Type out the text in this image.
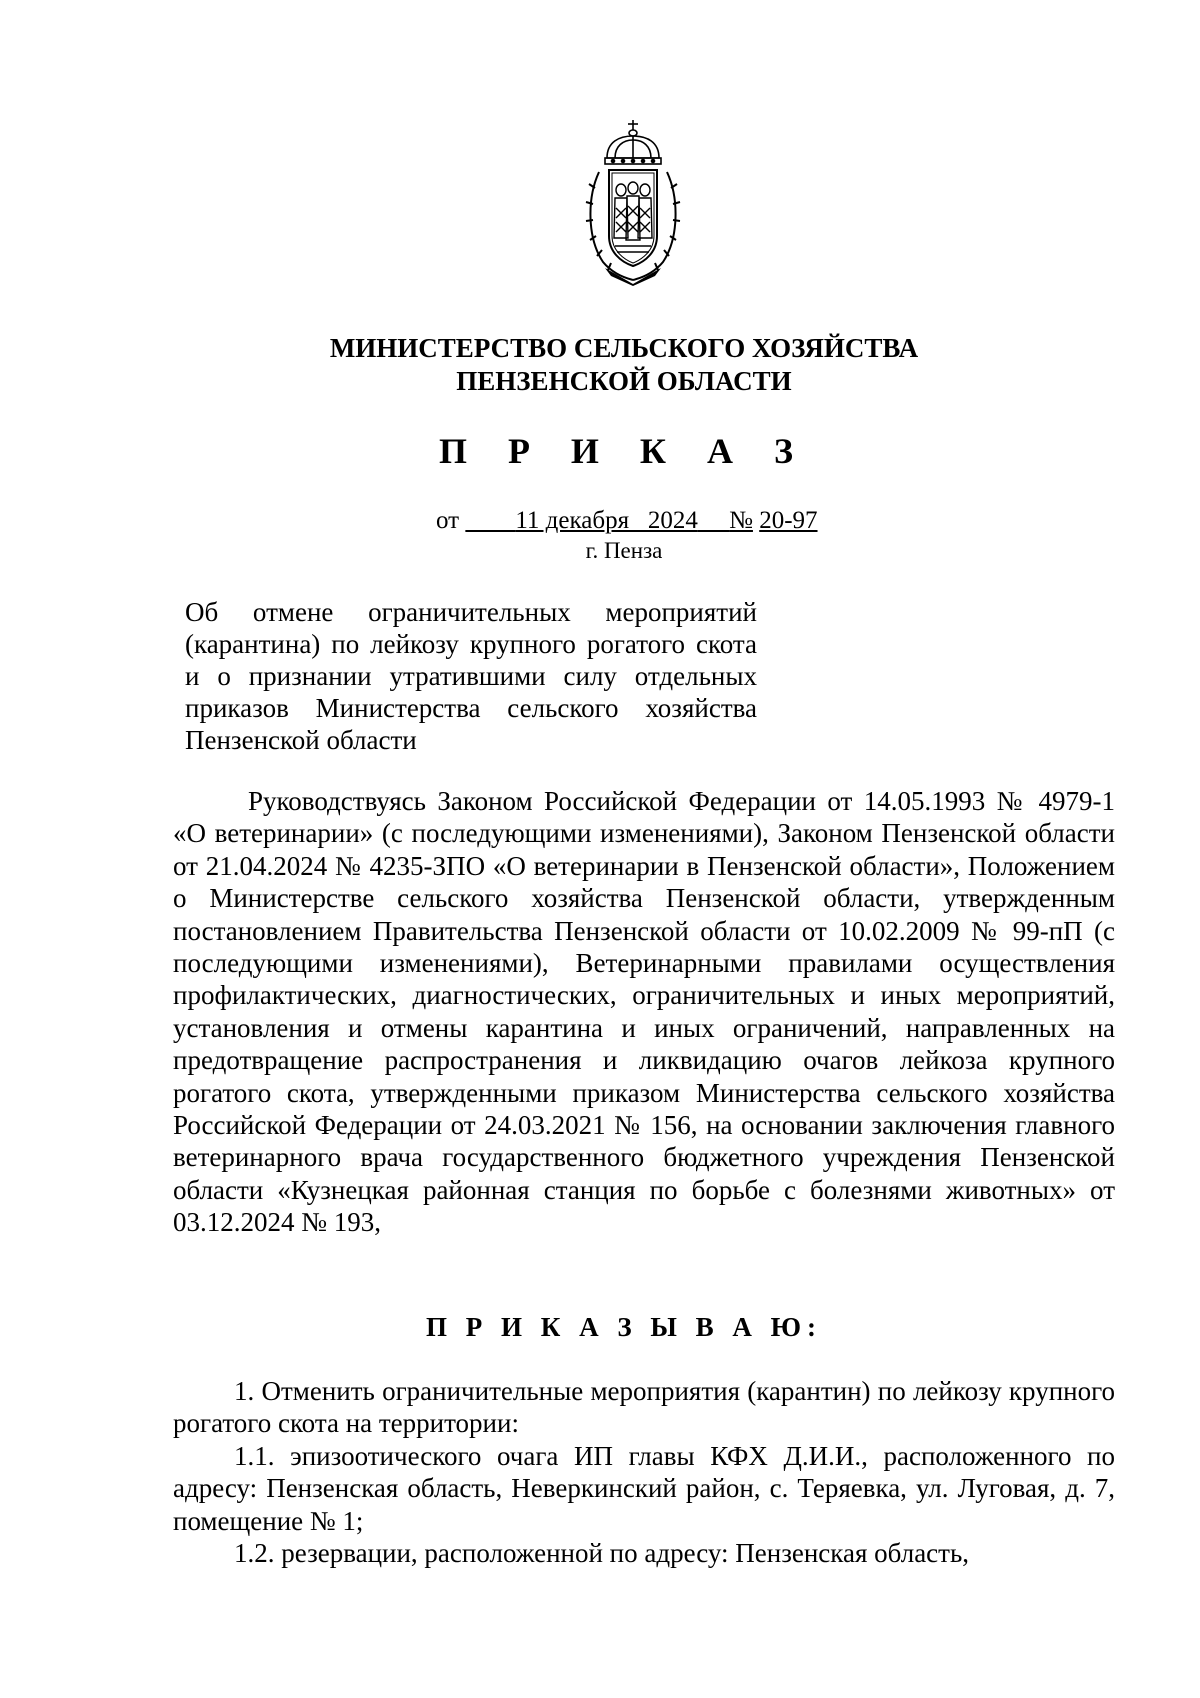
МИНИСТЕРСТВО СЕЛЬСКОГО ХОЗЯЙСТВА
ПЕНЗЕНСКОЙ ОБЛАСТИ
П Р И К А З
от 11 декабря   2024 № 20-97
г. Пенза
Об отмене ограничительных мероприятий (карантина) по лейкозу крупного рогатого скота и о признании утратившими силу отдельных приказов Министерства сельского хозяйства Пензенской области

Руководствуясь Законом Российской Федерации от 14.05.1993 № 4979-1 «О ветеринарии» (с последующими изменениями), Законом Пензенской области от 21.04.2024 № 4235-ЗПО «О ветеринарии в Пензенской области», Положением о Министерстве сельского хозяйства Пензенской области, утвержденным постановлением Правительства Пензенской области от 10.02.2009 № 99-пП (с последующими изменениями), Ветеринарными правилами осуществления профилактических, диагностических, ограничительных и иных мероприятий, установления и отмены карантина и иных ограничений, направленных на предотвращение распространения и ликвидацию очагов лейкоза крупного рогатого скота, утвержденными приказом Министерства сельского хозяйства Российской Федерации от 24.03.2021 № 156, на основании заключения главного ветеринарного врача государственного бюджетного учреждения Пензенской области «Кузнецкая районная станция по борьбе с болезнями животных» от 03.12.2024 № 193,

П Р И К А З Ы В А Ю:

1. Отменить ограничительные мероприятия (карантин) по лейкозу крупного рогатого скота на территории:

1.1. эпизоотического очага ИП главы КФХ Д.И.И., расположенного по адресу: Пензенская область, Неверкинский район, с. Теряевка, ул. Луговая, д. 7, помещение № 1;

1.2. резервации, расположенной по адресу: Пензенская область,
